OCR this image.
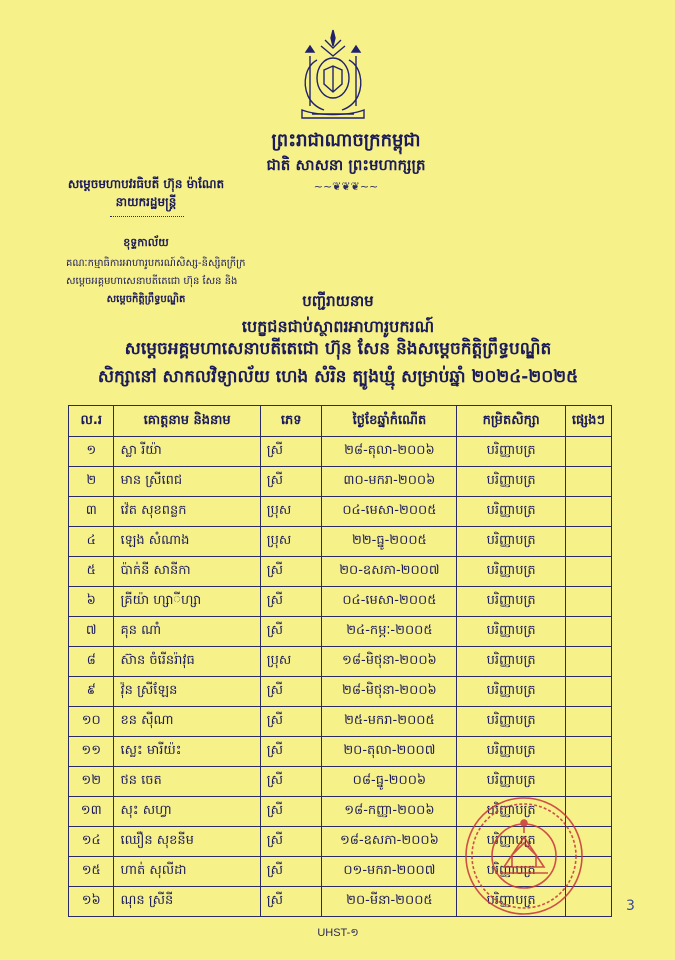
ព្រះរាជាណាចក្រកម្ពុជា
ជាតិ សាសនា ព្រះមហាក្សត្រ
~~❦❦❦~~
សម្តេចមហាបវរធិបតី ហ៊ុន ម៉ាណែត
នាយករដ្ឋមន្ត្រី
ខុទ្ទកាល័យ
គណៈកម្មាធិការអាហារូបករណ៍សិស្ស-និស្សិតក្រីក្រ
សម្តេចអគ្គមហាសេនាបតីតេជោ ហ៊ុន សែន និង
សម្តេចកិត្តិព្រឹទ្ធបណ្ឌិត	បញ្ជីរាយនាម
បេក្ខជនជាប់ស្ថាពរអាហារូបករណ៍
សម្តេចអគ្គមហាសេនាបតីតេជោ ហ៊ុន សែន និងសម្តេចកិត្តិព្រឹទ្ធបណ្ឌិត
សិក្សានៅ សាកលវិទ្យាល័យ ហេង សំរិន ត្បូងឃ្មុំ សម្រាប់ឆ្នាំ ២០២៤-២០២៥
ល.រ	គោត្តនាម និងនាម	ភេទ	ថ្ងៃខែឆ្នាំកំណើត	កម្រិតសិក្សា	ផ្សេងៗ
១	ស្លា រីយ៉ា	ស្រី	២៨-តុលា-២០០៦	បរិញ្ញាបត្រ	
២	មាន ស្រីពេជ	ស្រី	៣០-មករា-២០០៦	បរិញ្ញាបត្រ	
៣	វ៉េត សុខពន្លក	ប្រុស	០៤-មេសា-២០០៥	បរិញ្ញាបត្រ	
៤	ឡេង សំណាង	ប្រុស	២២-ធ្នូ-២០០៥	បរិញ្ញាបត្រ	
៥	ប៉ាក់នី សានីកា	ស្រី	២០-ឧសភា-២០០៧	បរិញ្ញាបត្រ	
៦	គ្រីយ៉ា ហ្សាីហ្សា	ស្រី	០៤-មេសា-២០០៥	បរិញ្ញាបត្រ	
៧	គុន ណាំ	ស្រី	២៤-កម្ភៈ-២០០៥	បរិញ្ញាបត្រ	
៨	ស៊ាន ចំរើនរ៉ាវុធ	ប្រុស	១៨-មិថុនា-២០០៦	បរិញ្ញាបត្រ	
៩	វ៉ុន ស្រីឡែន	ស្រី	២៨-មិថុនា-២០០៦	បរិញ្ញាបត្រ	
១០	ខន ស៊ីណា	ស្រី	២៥-មករា-២០០៥	បរិញ្ញាបត្រ	
១១	ស្លេះ មារីយ៉ះ	ស្រី	២០-តុលា-២០០៧	បរិញ្ញាបត្រ	
១២	ថន ចេត	ស្រី	០៨-ធ្នូ-២០០៦	បរិញ្ញាបត្រ	
១៣	សុះ សហ្វា	ស្រី	១៨-កញ្ញា-២០០៦	បរិញ្ញាបត្រ	
១៤	ឈឿន សុខនីម	ស្រី	១៨-ឧសភា-២០០៦	បរិញ្ញាបត្រ	
១៥	ហាត់ សុលីដា	ស្រី	០១-មករា-២០០៧	បរិញ្ញាបត្រ	
១៦	ណុន ស្រីនី	ស្រី	២០-មីនា-២០០៥	បរិញ្ញាបត្រ		3
UHST-១
